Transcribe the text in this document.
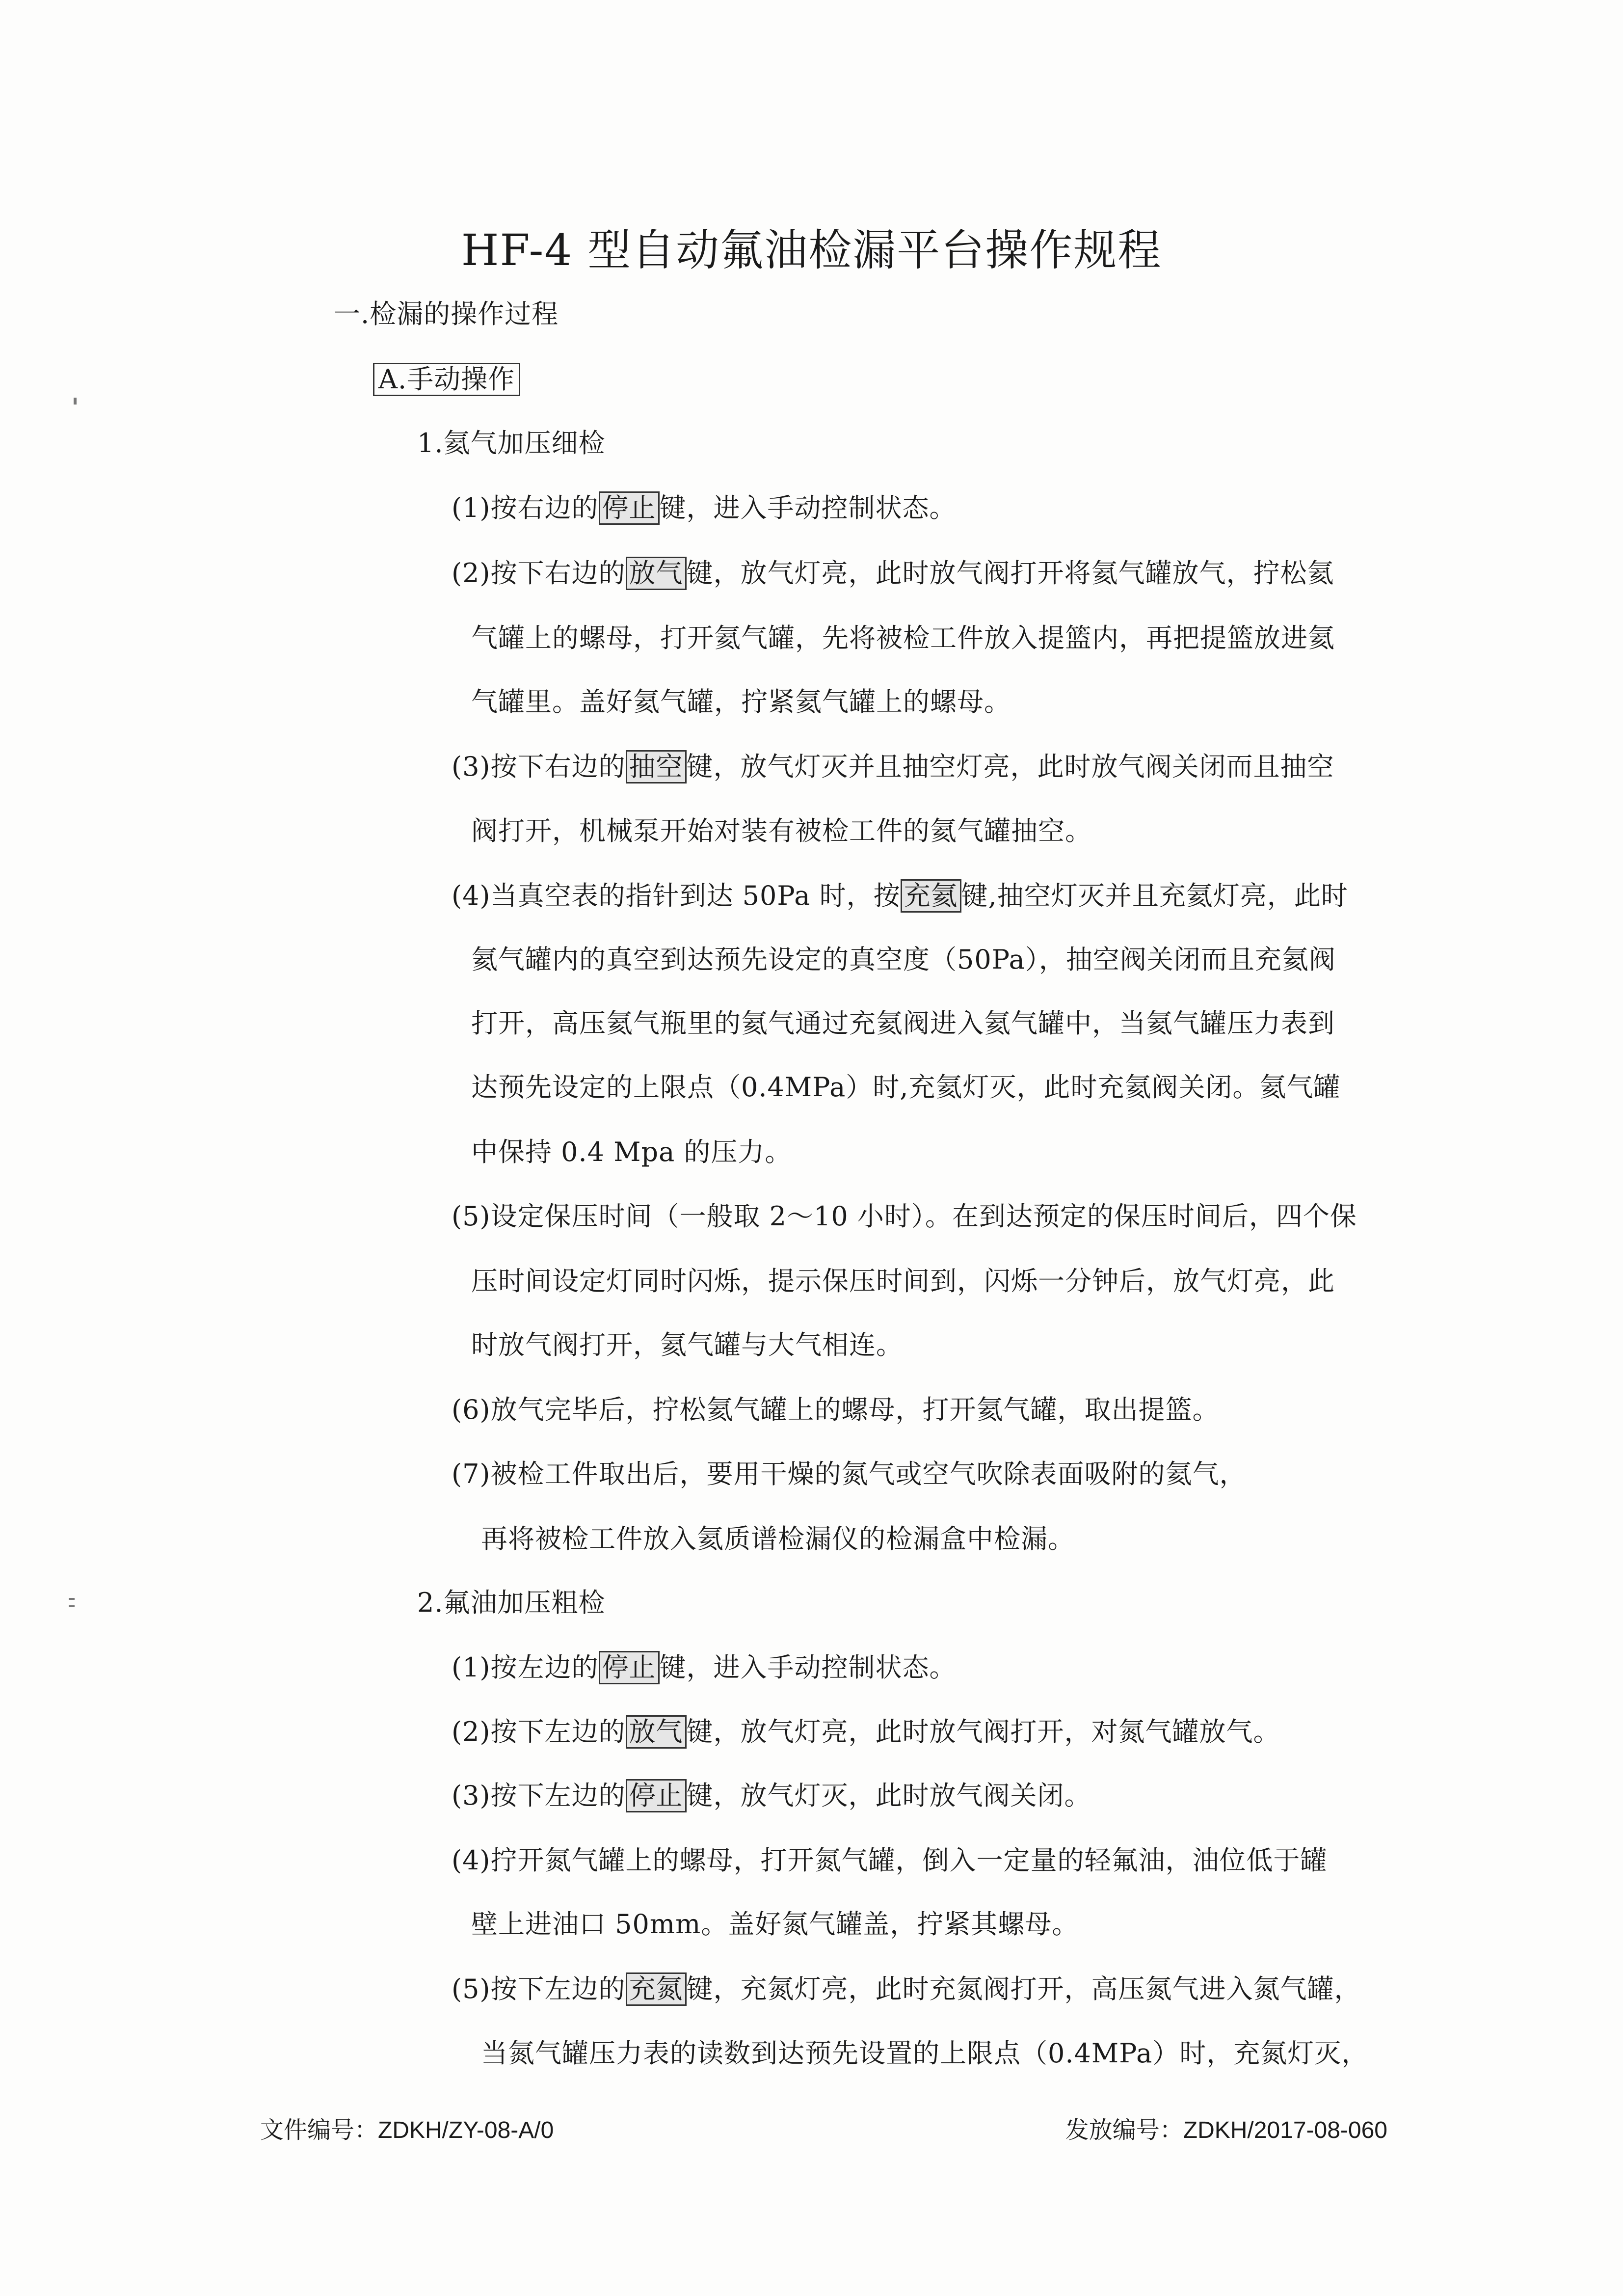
HF-4 型自动氟油检漏平台操作规程
一.检漏的操作过程
A.手动操作
1.氦气加压细检
(1)按右边的 停止 键，进入手动控制状态。
(2)按下右边的 放气 键，放气灯亮，此时放气阀打开将氦气罐放气，拧松氦
气罐上的螺母，打开氦气罐，先将被检工件放入提篮内，再把提篮放进氦
气罐里。盖好氦气罐，拧紧氦气罐上的螺母。
(3)按下右边的 抽空 键，放气灯灭并且抽空灯亮，此时放气阀关闭而且抽空
阀打开，机械泵开始对装有被检工件的氦气罐抽空。
(4)当真空表的指针到达 50Pa 时，按 充氦 键,抽空灯灭并且充氦灯亮，此时
氦气罐内的真空到达预先设定的真空度（50Pa），抽空阀关闭而且充氦阀
打开，高压氦气瓶里的氦气通过充氦阀进入氦气罐中，当氦气罐压力表到
达预先设定的上限点（0.4MPa）时,充氦灯灭，此时充氦阀关闭。氦气罐
中保持 0.4 Mpa 的压力。
(5)设定保压时间（一般取 2～10 小时）。在到达预定的保压时间后，四个保
压时间设定灯同时闪烁，提示保压时间到，闪烁一分钟后，放气灯亮，此
时放气阀打开，氦气罐与大气相连。
(6)放气完毕后，拧松氦气罐上的螺母，打开氦气罐，取出提篮。
(7)被检工件取出后，要用干燥的氮气或空气吹除表面吸附的氦气，
再将被检工件放入氦质谱检漏仪的检漏盒中检漏。
2.氟油加压粗检
(1)按左边的 停止 键，进入手动控制状态。
(2)按下左边的 放气 键，放气灯亮，此时放气阀打开，对氮气罐放气。
(3)按下左边的 停止 键，放气灯灭，此时放气阀关闭。
(4)拧开氮气罐上的螺母，打开氮气罐，倒入一定量的轻氟油，油位低于罐
壁上进油口 50mm。盖好氮气罐盖，拧紧其螺母。
(5)按下左边的 充氮 键，充氮灯亮，此时充氮阀打开，高压氮气进入氮气罐，
当氮气罐压力表的读数到达预先设置的上限点（0.4MPa）时，充氮灯灭，
文件编号：ZDKH/ZY-08-A/0	发放编号：ZDKH/2017-08-060
